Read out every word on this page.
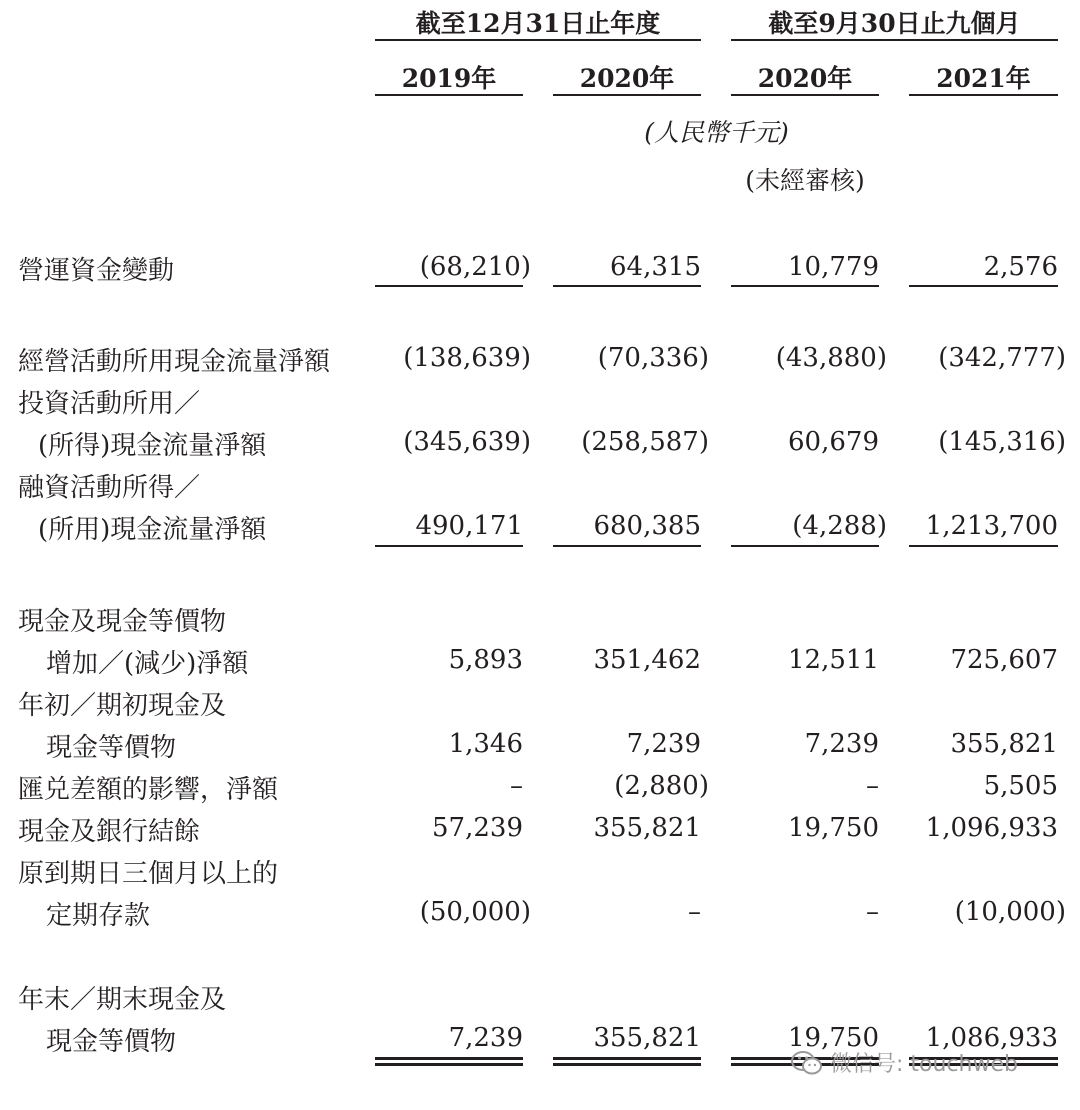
截至12月31日止年度	截至9月30日止九個月
2019年	2020年	2020年	2021年
(人民幣千元)
(未經審核)
營運資金變動	(68,210)	64,315	10,779	2,576
經營活動所用現金流量淨額	(138,639)	(70,336)	(43,880) (342,777)
投資活動所用／
(所得)現金流量淨額	(345,639) (258,587)	60,679 (145,316)
融資活動所得／
(所用)現金流量淨額	490,171	680,385	(4,288) 1,213,700
現金及現金等價物
增加／(減少)淨額	5,893	351,462	12,511	725,607
年初／期初現金及
現金等價物	1,346	7,239	7,239	355,821
匯兑差額的影響，淨額	–	(2,880)	–	5,505
現金及銀行結餘	57,239	355,821	19,750 1,096,933
原到期日三個月以上的
定期存款	(50,000)	–	–	(10,000)
年末／期末現金及
現金等價物	7,239	355,821	19,750 1,086,933
微信号: touchweb
